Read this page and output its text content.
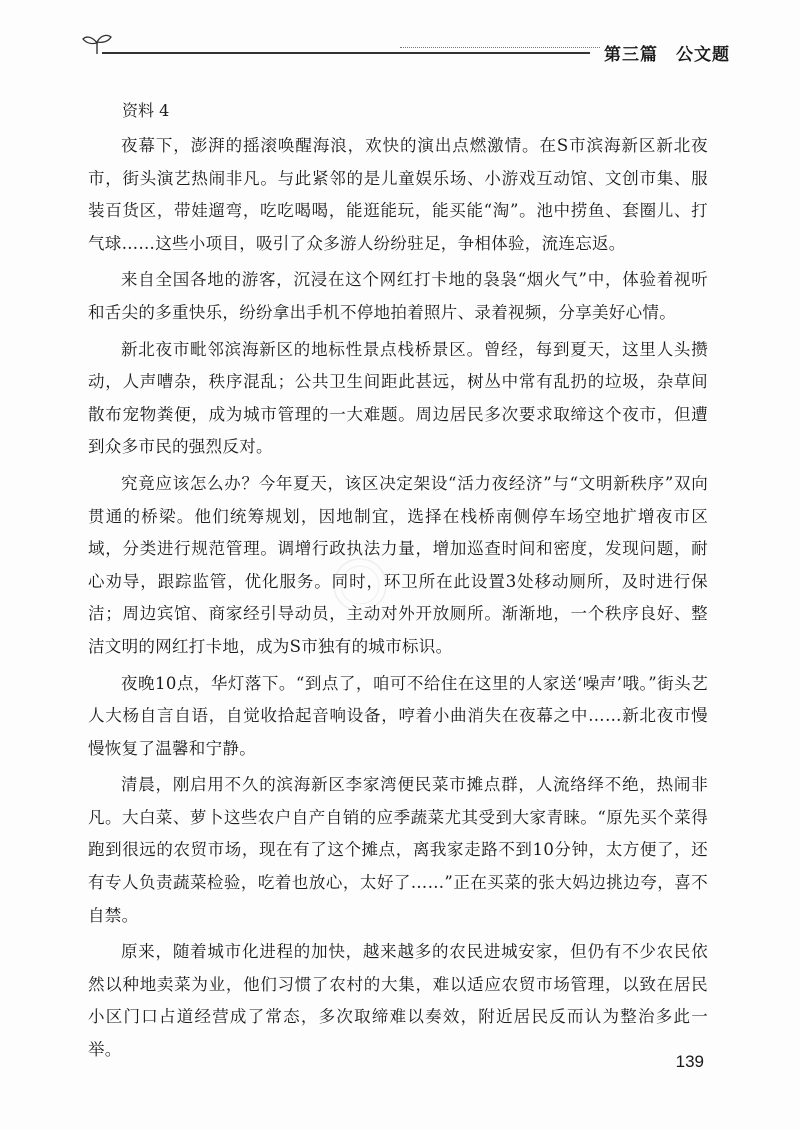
第三篇 公文题
资料 4

夜幕下，澎湃的摇滚唤醒海浪，欢快的演出点燃激情。在S市滨海新区新北夜市，街头演艺热闹非凡。与此紧邻的是儿童娱乐场、小游戏互动馆、文创市集、服装百货区，带娃遛弯，吃吃喝喝，能逛能玩，能买能“淘”。池中捞鱼、套圈儿、打气球……这些小项目，吸引了众多游人纷纷驻足，争相体验，流连忘返。

来自全国各地的游客，沉浸在这个网红打卡地的袅袅“烟火气”中，体验着视听和舌尖的多重快乐，纷纷拿出手机不停地拍着照片、录着视频，分享美好心情。

新北夜市毗邻滨海新区的地标性景点栈桥景区。曾经，每到夏天，这里人头攒动，人声嘈杂，秩序混乱；公共卫生间距此甚远，树丛中常有乱扔的垃圾，杂草间散布宠物粪便，成为城市管理的一大难题。周边居民多次要求取缔这个夜市，但遭到众多市民的强烈反对。

究竟应该怎么办？今年夏天，该区决定架设“活力夜经济”与“文明新秩序”双向贯通的桥梁。他们统筹规划，因地制宜，选择在栈桥南侧停车场空地扩增夜市区域，分类进行规范管理。调增行政执法力量，增加巡查时间和密度，发现问题，耐心劝导，跟踪监管，优化服务。同时，环卫所在此设置3处移动厕所，及时进行保洁；周边宾馆、商家经引导动员，主动对外开放厕所。渐渐地，一个秩序良好、整洁文明的网红打卡地，成为S市独有的城市标识。

夜晚10点，华灯落下。“到点了，咱可不给住在这里的人家送‘噪声’哦。”街头艺人大杨自言自语，自觉收拾起音响设备，哼着小曲消失在夜幕之中……新北夜市慢慢恢复了温馨和宁静。

清晨，刚启用不久的滨海新区李家湾便民菜市摊点群，人流络绎不绝，热闹非凡。大白菜、萝卜这些农户自产自销的应季蔬菜尤其受到大家青睐。“原先买个菜得跑到很远的农贸市场，现在有了这个摊点，离我家走路不到10分钟，太方便了，还有专人负责蔬菜检验，吃着也放心，太好了……”正在买菜的张大妈边挑边夸，喜不自禁。

原来，随着城市化进程的加快，越来越多的农民进城安家，但仍有不少农民依然以种地卖菜为业，他们习惯了农村的大集，难以适应农贸市场管理，以致在居民小区门口占道经营成了常态，多次取缔难以奏效，附近居民反而认为整治多此一举。

139
